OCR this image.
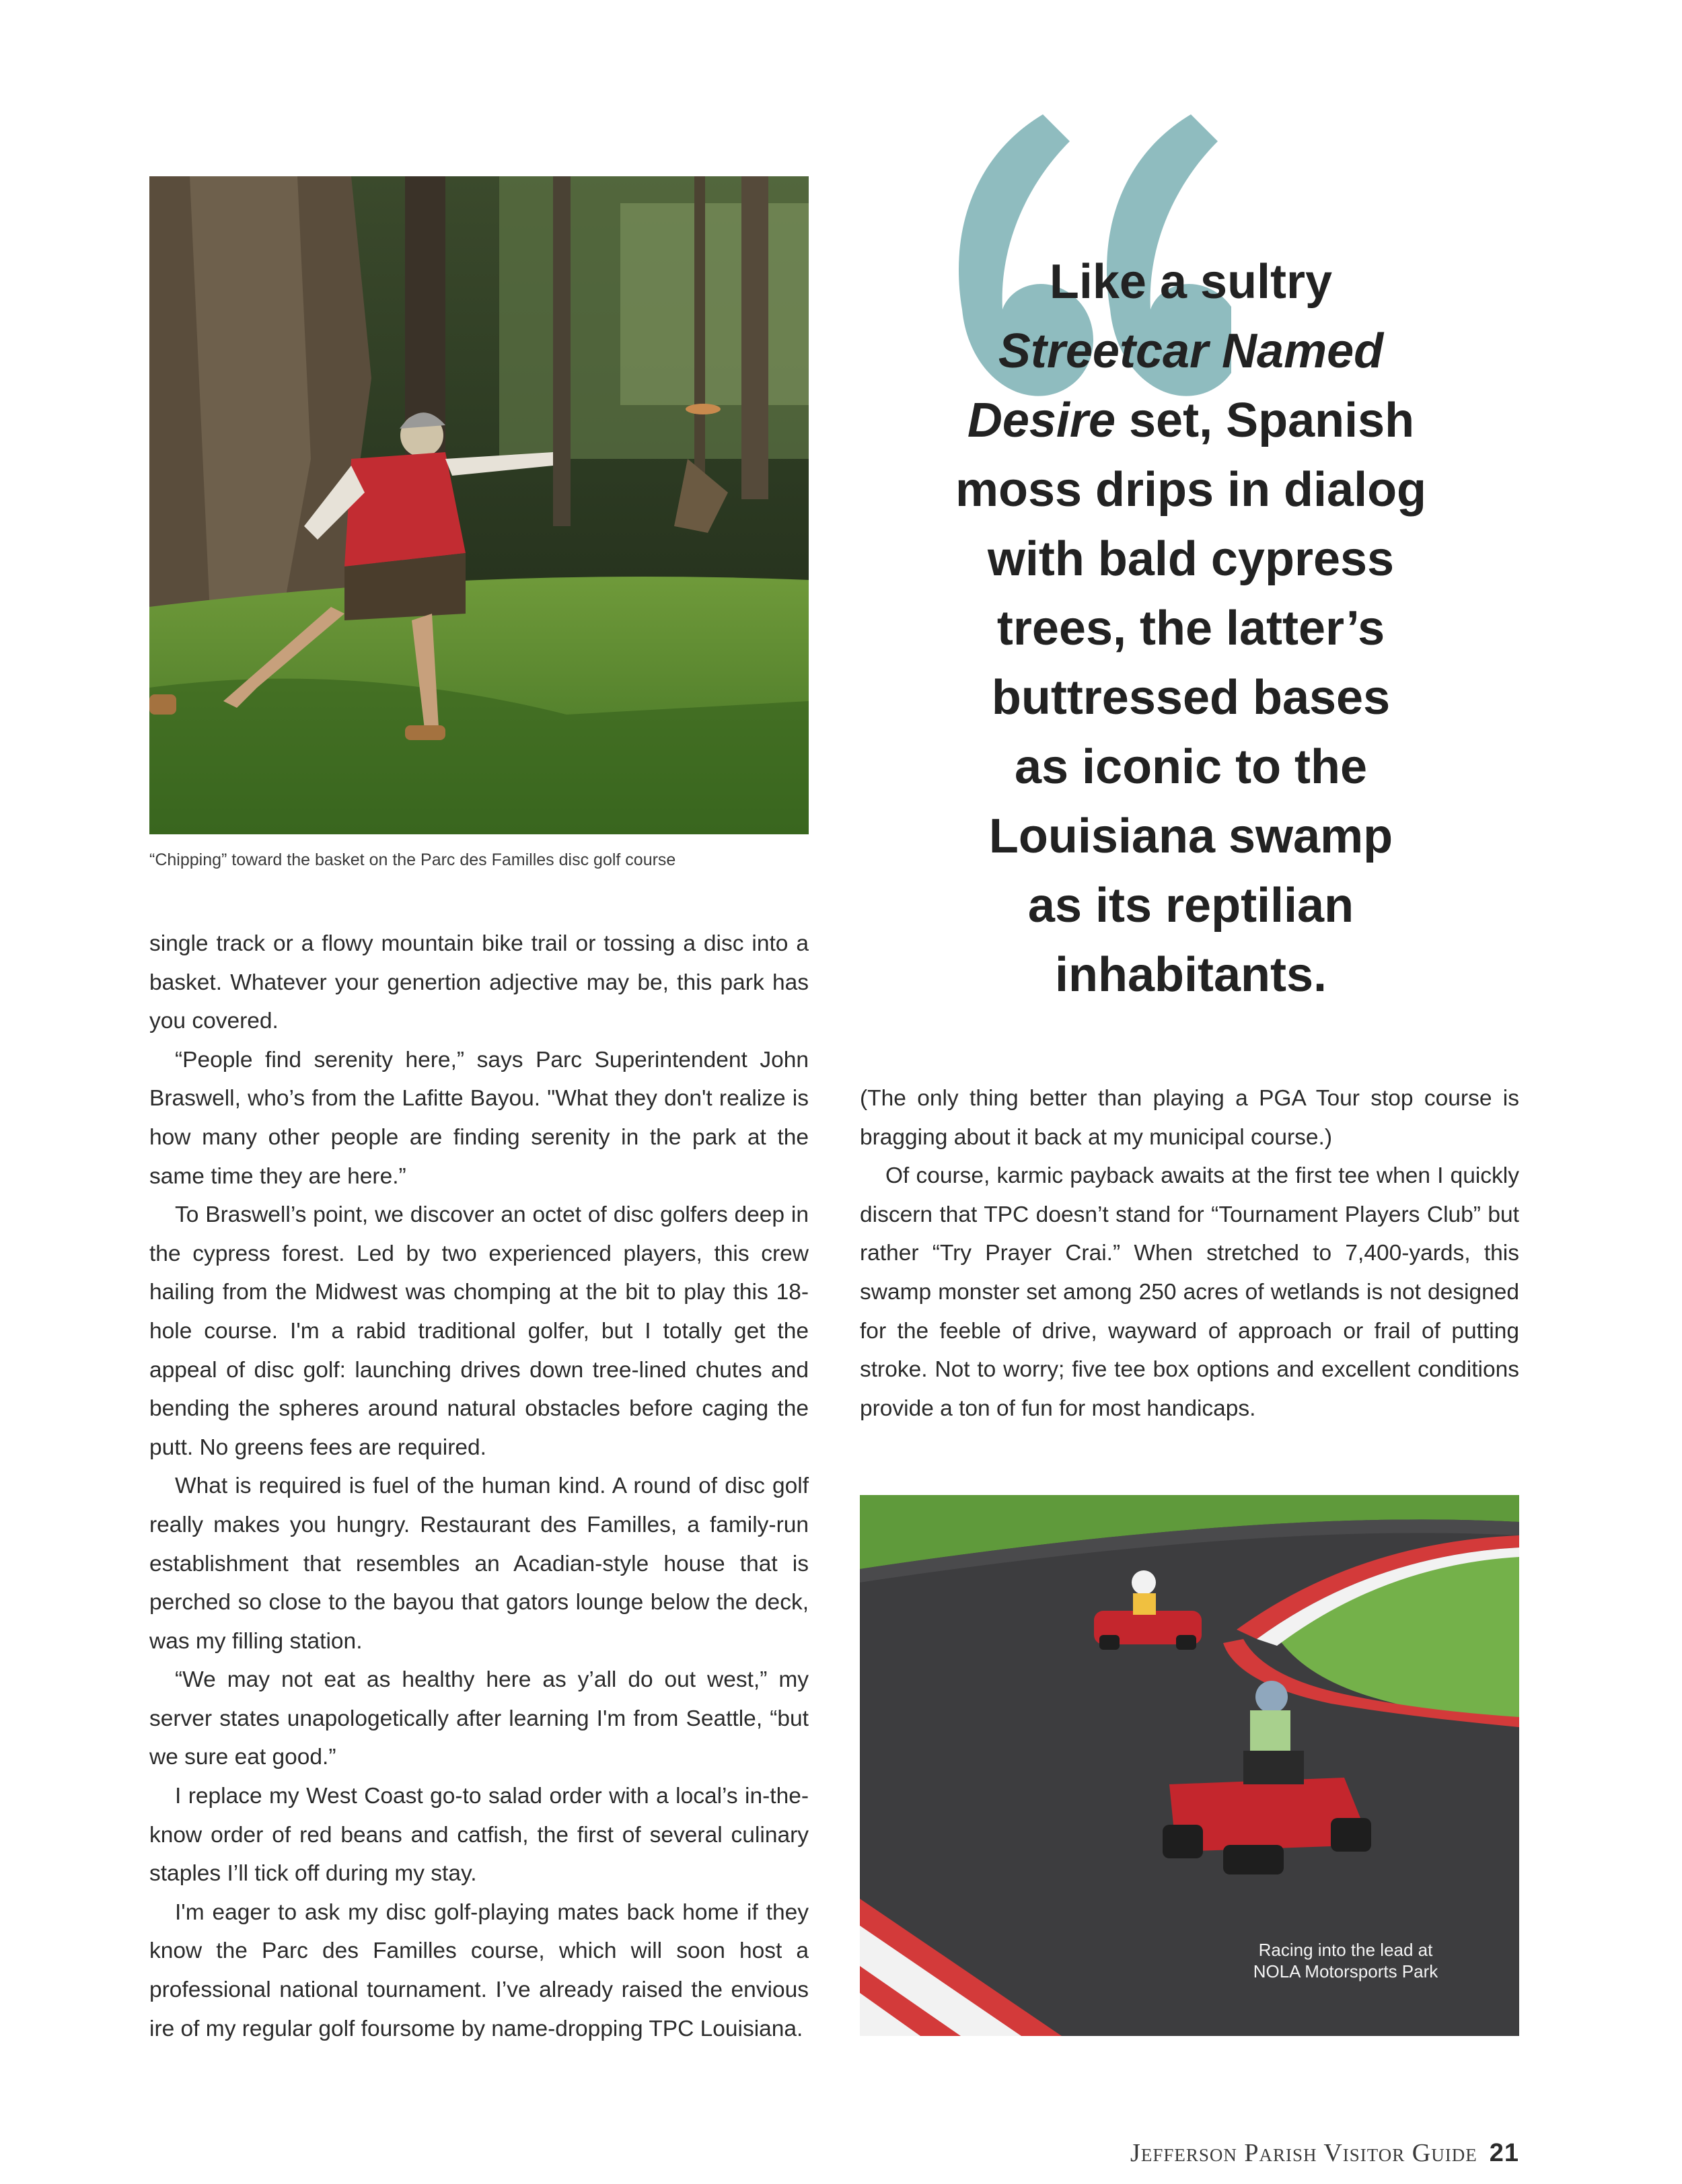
“Chipping” toward the basket on the Parc des Familles disc golf course
Like a sultry
Streetcar Named
Desire set, Spanish
moss drips in dialog
with bald cypress
trees, the latter’s
buttressed bases
as iconic to the
Louisiana swamp
as its reptilian
inhabitants.

single track or a flowy mountain bike trail or tossing a disc into a basket. Whatever your genertion adjective may be, this park has you covered.

“People find serenity here,” says Parc Superintendent John Braswell, who’s from the Lafitte Bayou. "What they don't realize is how many other people are finding serenity in the park at the same time they are here.”

To Braswell’s point, we discover an octet of disc golfers deep in the cypress forest. Led by two experienced players, this crew hailing from the Midwest was chomping at the bit to play this 18-hole course. I'm a rabid traditional golfer, but I totally get the appeal of disc golf: launching drives down tree-lined chutes and bending the spheres around natural obstacles before caging the putt. No greens fees are required.

What is required is fuel of the human kind. A round of disc golf really makes you hungry. Restaurant des Familles, a family-run establishment that resembles an Acadian-style house that is perched so close to the bayou that gators lounge below the deck, was my filling station.

“We may not eat as healthy here as y’all do out west,” my server states unapologetically after learning I'm from Seattle, “but we sure eat good.”

I replace my West Coast go-to salad order with a local’s in-the-know order of red beans and catfish, the first of several culinary staples I’ll tick off during my stay.

I'm eager to ask my disc golf-playing mates back home if they know the Parc des Familles course, which will soon host a professional national tournament. I’ve already raised the envious ire of my regular golf foursome by name-dropping TPC Louisiana.

(The only thing better than playing a PGA Tour stop course is bragging about it back at my municipal course.)

Of course, karmic payback awaits at the first tee when I quickly discern that TPC doesn’t stand for “Tournament Players Club” but rather “Try Prayer Crai.” When stretched to 7,400-yards, this swamp monster set among 250 acres of wetlands is not designed for the feeble of drive, wayward of approach or frail of putting stroke. Not to worry; five tee box options and excellent conditions provide a ton of fun for most handicaps.

Racing into the lead at
NOLA Motorsports Park
Jefferson Parish Visitor Guide 21
